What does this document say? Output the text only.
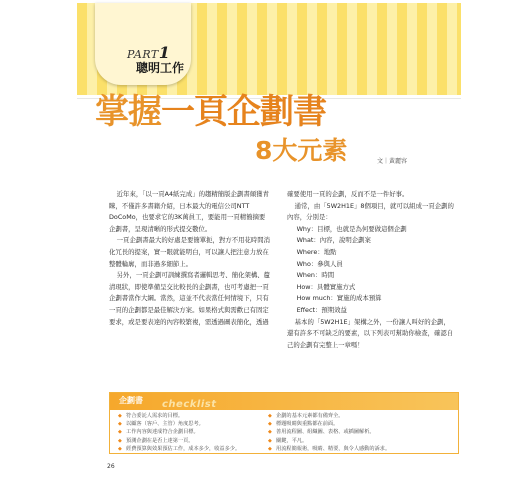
PART1
聰明工作
掌握一頁企劃書
8大元素	文｜黃麗容

近年來，「以一頁A4紙完成」的趨精簡版企劃書頗獲青睞，不僅許多書籍介紹，日本最大的電信公司NTT DoCoMo，也要求它的3K萬員工，要能用一頁精簡摘要企劃書，呈現清晰的形式提交數位。

一頁企劃書最大的好處是要簡單扼，對方不用花時間消化冗長的提案，實一眼就能明白，可以讓人把注意力放在整體輪廓，而非過多細節上。

另外，一頁企劃可訓練撰寫者邏輯思考、簡化架構、釐清現狀，即使準備呈交比較長的企劃書，也可考慮把一頁企劃書當作大綱。當然，這並不代表當任何情境下，只有一頁的企劃都是最佳解決方案。如果格式與需歡已有固定要求，或是要表達的內容較繁複，需透過圖表簡化，透過

確要使用一頁的企劃，反而不是一件好事。

通常，由「5W2H1E」8個項目，就可以組成一頁企劃的內容，分別是：

Why：目標，也就是為何要做這個企劃

What：內容，說明企劃案

Where：地點

Who：參與人員

When：時間

How：具體實施方式

How much：實施的成本預算

Effect：預期效益

基本的「5W2H1E」架構之外，一份讓人叫好的企劃，還有許多不可缺乏的要素，以下列表可幫助你檢查，確認自己的企劃有完整上一章嗎！

企劃書 checklist
◆ 符合委託人需求的目標。
◆ 以顧客（客戶、主管）角度思考。
◆ 工作內容與達成符合企劃目標。
◆ 預測企劃在是否上達第一頁。
◆ 經費預算與效果預估工作，成本多少，收益多少。
◆ 企劃的基本元素都有備齊全。
◆ 標題吸睛與重點都在前面。
◆ 善用流程圖、組織圖、表格、或插圖解析。
◆ 關鍵，平凡。
◆ 用流程簡報術，吸睛、精要，與令人感動的訴求。
26
